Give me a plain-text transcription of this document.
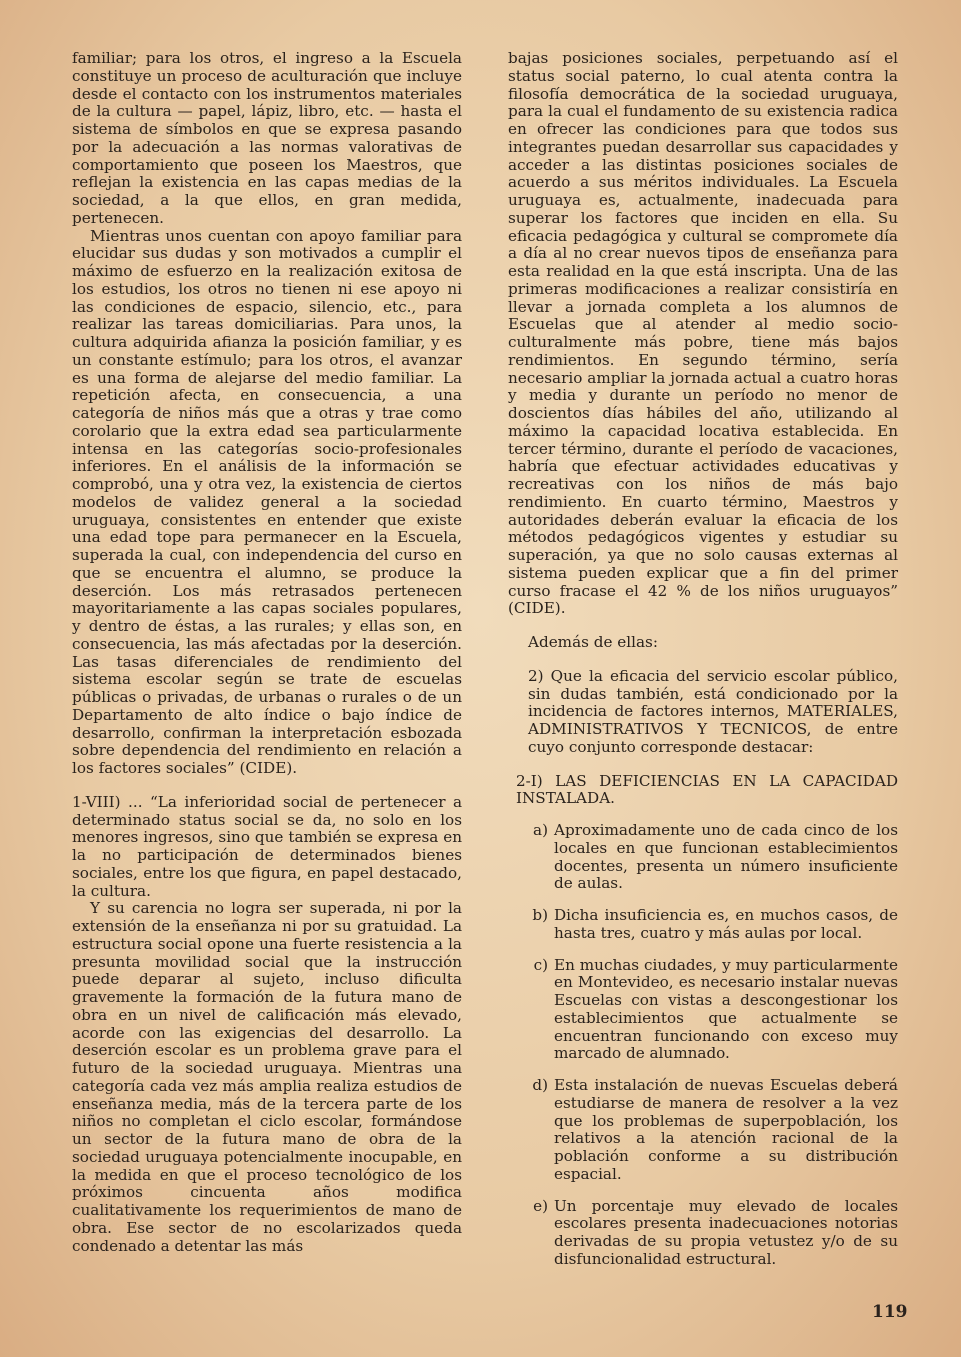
familiar; para los otros, el ingreso a la Escuela constituye un proceso de aculturación que incluye desde el contacto con los instrumentos materiales de la cultura — papel, lápiz, libro, etc. — hasta el sistema de símbolos en que se expresa pasando por la adecuación a las normas valorativas de comportamiento que poseen los Maestros, que reflejan la existencia en las capas medias de la sociedad, a la que ellos, en gran medida, pertenecen.

Mientras unos cuentan con apoyo familiar para elucidar sus dudas y son motivados a cumplir el máximo de esfuerzo en la realización exitosa de los estudios, los otros no tienen ni ese apoyo ni las condiciones de espacio, silencio, etc., para realizar las tareas domiciliarias. Para unos, la cultura adquirida afianza la posición familiar, y es un constante estímulo; para los otros, el avanzar es una forma de alejarse del medio familiar. La repetición afecta, en consecuencia, a una categoría de niños más que a otras y trae como corolario que la extra edad sea particularmente intensa en las categorías socio-profesionales inferiores. En el análisis de la información se comprobó, una y otra vez, la existencia de ciertos modelos de validez general a la sociedad uruguaya, consistentes en entender que existe una edad tope para permanecer en la Escuela, superada la cual, con independencia del curso en que se encuentra el alumno, se produce la deserción. Los más retrasados pertenecen mayoritariamente a las capas sociales populares, y dentro de éstas, a las rurales; y ellas son, en consecuencia, las más afectadas por la deserción. Las tasas diferenciales de rendimiento del sistema escolar según se trate de escuelas públicas o privadas, de urbanas o rurales o de un Departamento de alto índice o bajo índice de desarrollo, confirman la interpretación esbozada sobre dependencia del rendimiento en relación a los factores sociales” (CIDE).

1-VIII) ... “La inferioridad social de pertenecer a determinado status social se da, no solo en los menores ingresos, sino que también se expresa en la no participación de determinados bienes sociales, entre los que figura, en papel destacado, la cultura.

Y su carencia no logra ser superada, ni por la extensión de la enseñanza ni por su gratuidad. La estructura social opone una fuerte resistencia a la presunta movilidad social que la instrucción puede deparar al sujeto, incluso dificulta gravemente la formación de la futura mano de obra en un nivel de calificación más elevado, acorde con las exigencias del desarrollo. La deserción escolar es un problema grave para el futuro de la sociedad uruguaya. Mientras una categoría cada vez más amplia realiza estudios de enseñanza media, más de la tercera parte de los niños no completan el ciclo escolar, formándose un sector de la futura mano de obra de la sociedad uruguaya potencialmente inocupable, en la medida en que el proceso tecnológico de los próximos cincuenta años modifica cualitativamente los requerimientos de mano de obra. Ese sector de no escolarizados queda condenado a detentar las más

bajas posiciones sociales, perpetuando así el status social paterno, lo cual atenta contra la filosofía democrática de la sociedad uruguaya, para la cual el fundamento de su existencia radica en ofrecer las condiciones para que todos sus integrantes puedan desarrollar sus capacidades y acceder a las distintas posiciones sociales de acuerdo a sus méritos individuales. La Escuela uruguaya es, actualmente, inadecuada para superar los factores que inciden en ella. Su eficacia pedagógica y cultural se compromete día a día al no crear nuevos tipos de enseñanza para esta realidad en la que está inscripta. Una de las primeras modificaciones a realizar consistiría en llevar a jornada completa a los alumnos de Escuelas que al atender al medio socio-culturalmente más pobre, tiene más bajos rendimientos. En segundo término, sería necesario ampliar la jornada actual a cuatro horas y media y durante un período no menor de doscientos días hábiles del año, utilizando al máximo la capacidad locativa establecida. En tercer término, durante el período de vacaciones, habría que efectuar actividades educativas y recreativas con los niños de más bajo rendimiento. En cuarto término, Maestros y autoridades deberán evaluar la eficacia de los métodos pedagógicos vigentes y estudiar su superación, ya que no solo causas externas al sistema pueden explicar que a fin del primer curso fracase el 42 % de los niños uruguayos” (CIDE).

Además de ellas:

2) Que la eficacia del servicio escolar público, sin dudas también, está condicionado por la incidencia de factores internos, MATERIALES, ADMINISTRATIVOS Y TECNICOS, de entre cuyo conjunto corresponde destacar:

2-I) LAS DEFICIENCIAS EN LA CAPACIDAD INSTALADA.

a) Aproximadamente uno de cada cinco de los locales en que funcionan establecimientos docentes, presenta un número insuficiente de aulas.
b) Dicha insuficiencia es, en muchos casos, de hasta tres, cuatro y más aulas por local.
c) En muchas ciudades, y muy particularmente en Montevideo, es necesario instalar nuevas Escuelas con vistas a descongestionar los establecimientos que actualmente se encuentran funcionando con exceso muy marcado de alumnado.
d) Esta instalación de nuevas Escuelas deberá estudiarse de manera de resolver a la vez que los problemas de superpoblación, los relativos a la atención racional de la población conforme a su distribución espacial.
e) Un porcentaje muy elevado de locales escolares presenta inadecuaciones notorias derivadas de su propia vetustez y/o de su disfuncionalidad estructural.
119
